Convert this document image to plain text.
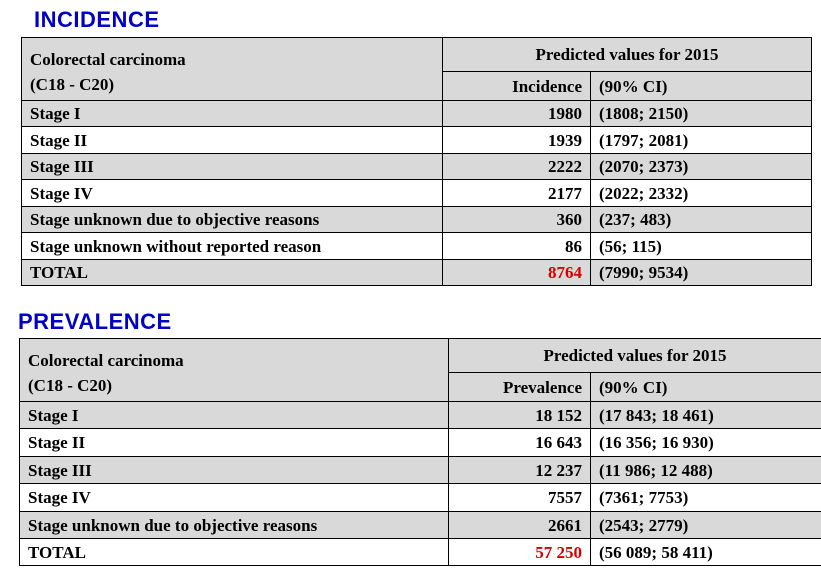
INCIDENCE
Colorectal carcinoma
(C18 - C20)	Predicted values for 2015	
	Incidence	(90% CI)
Stage I	1980	(1808; 2150)
Stage II	1939	(1797; 2081)
Stage III	2222	(2070; 2373)
Stage IV	2177	(2022; 2332)
Stage unknown due to objective reasons	360	(237; 483)
Stage unknown without reported reason	86	(56; 115)
TOTAL	8764	(7990; 9534)
PREVALENCE
Colorectal carcinoma
(C18 - C20)	Predicted values for 2015	
	Prevalence	(90% CI)
Stage I	18 152	(17 843; 18 461)
Stage II	16 643	(16 356; 16 930)
Stage III	12 237	(11 986; 12 488)
Stage IV	7557	(7361; 7753)
Stage unknown due to objective reasons	2661	(2543; 2779)
TOTAL	57 250	(56 089; 58 411)
